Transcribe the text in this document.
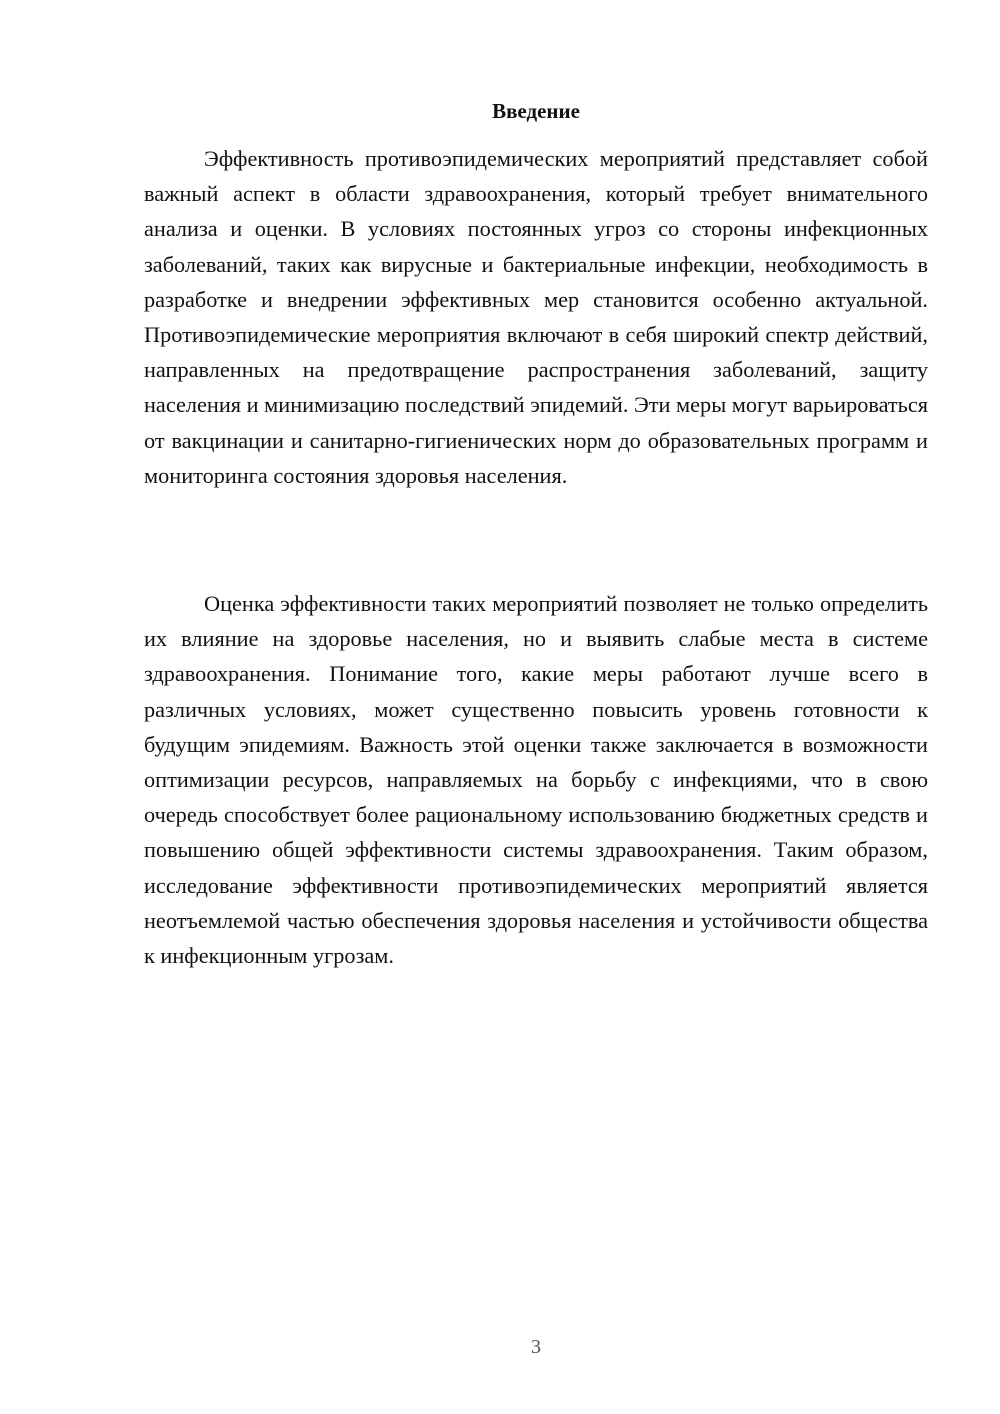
Введение

Эффективность противоэпидемических мероприятий представляет собой важный аспект в области здравоохранения, который требует внимательного анализа и оценки. В условиях постоянных угроз со стороны инфекционных заболеваний, таких как вирусные и бактериальные инфекции, необходимость в разработке и внедрении эффективных мер становится особенно актуальной. Противоэпидемические мероприятия включают в себя широкий спектр действий, направленных на предотвращение распространения заболеваний, защиту населения и минимизацию последствий эпидемий. Эти меры могут варьироваться от вакцинации и санитарно-гигиенических норм до образовательных программ и мониторинга состояния здоровья населения.

Оценка эффективности таких мероприятий позволяет не только определить их влияние на здоровье населения, но и выявить слабые места в системе здравоохранения. Понимание того, какие меры работают лучше всего в различных условиях, может существенно повысить уровень готовности к будущим эпидемиям. Важность этой оценки также заключается в возможности оптимизации ресурсов, направляемых на борьбу с инфекциями, что в свою очередь способствует более рациональному использованию бюджетных средств и повышению общей эффективности системы здравоохранения. Таким образом, исследование эффективности противоэпидемических мероприятий является неотъемлемой частью обеспечения здоровья населения и устойчивости общества к инфекционным угрозам.

3
